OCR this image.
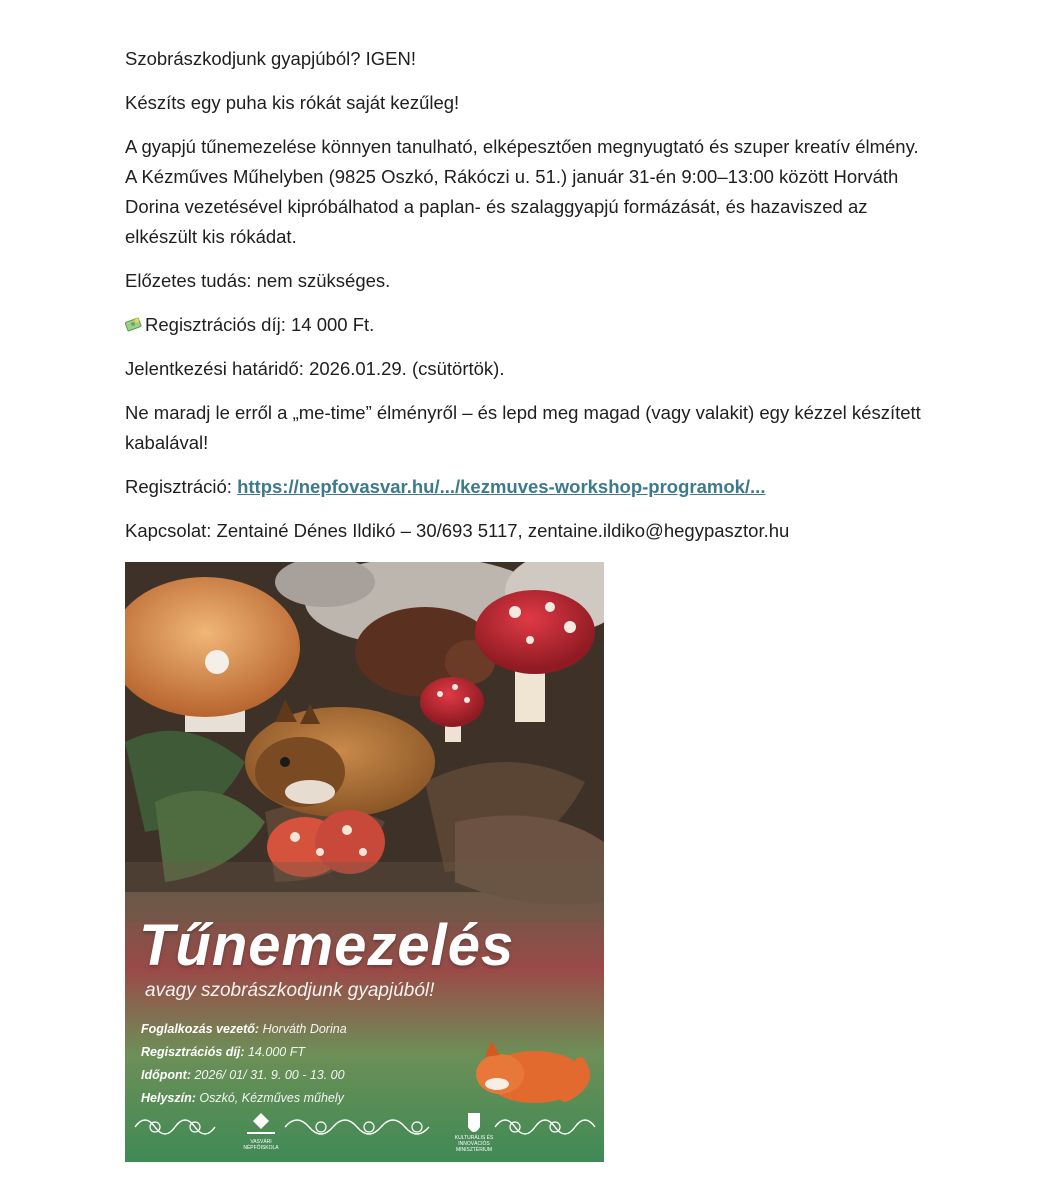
Szobrászkodjunk gyapjúból? IGEN!

Készíts egy puha kis rókát saját kezűleg!

A gyapjú tűnemezelése könnyen tanulható, elképesztően megnyugtató és szuper kreatív élmény. A Kézműves Műhelyben (9825 Oszkó, Rákóczi u. 51.) január 31-én 9:00–13:00 között Horváth Dorina vezetésével kipróbálhatod a paplan- és szalaggyapjú formázását, és hazaviszed az elkészült kis rókádat.

Előzetes tudás: nem szükséges.

Regisztrációs díj: 14 000 Ft.

Jelentkezési határidő: 2026.01.29. (csütörtök).

Ne maradj le erről a „me-time” élményről – és lepd meg magad (vagy valakit) egy kézzel készített kabalával!

Regisztráció: https://nepfovasvar.hu/.../kezmuves-workshop-programok/...

Kapcsolat: Zentainé Dénes Ildikó – 30/693 5117, zentaine.ildiko@hegypasztor.hu

Tűnemezelés
avagy szobrászkodjunk gyapjúból!
Foglalkozás vezető: Horváth Dorina
Regisztrációs díj: 14.000 FT
Időpont: 2026/ 01/ 31. 9. 00 - 13. 00
Helyszín: Oszkó, Kézműves műhely
VASVÁRI NÉPFŐISKOLA
KULTURÁLIS ÉS INNOVÁCIÓS MINISZTÉRIUM
